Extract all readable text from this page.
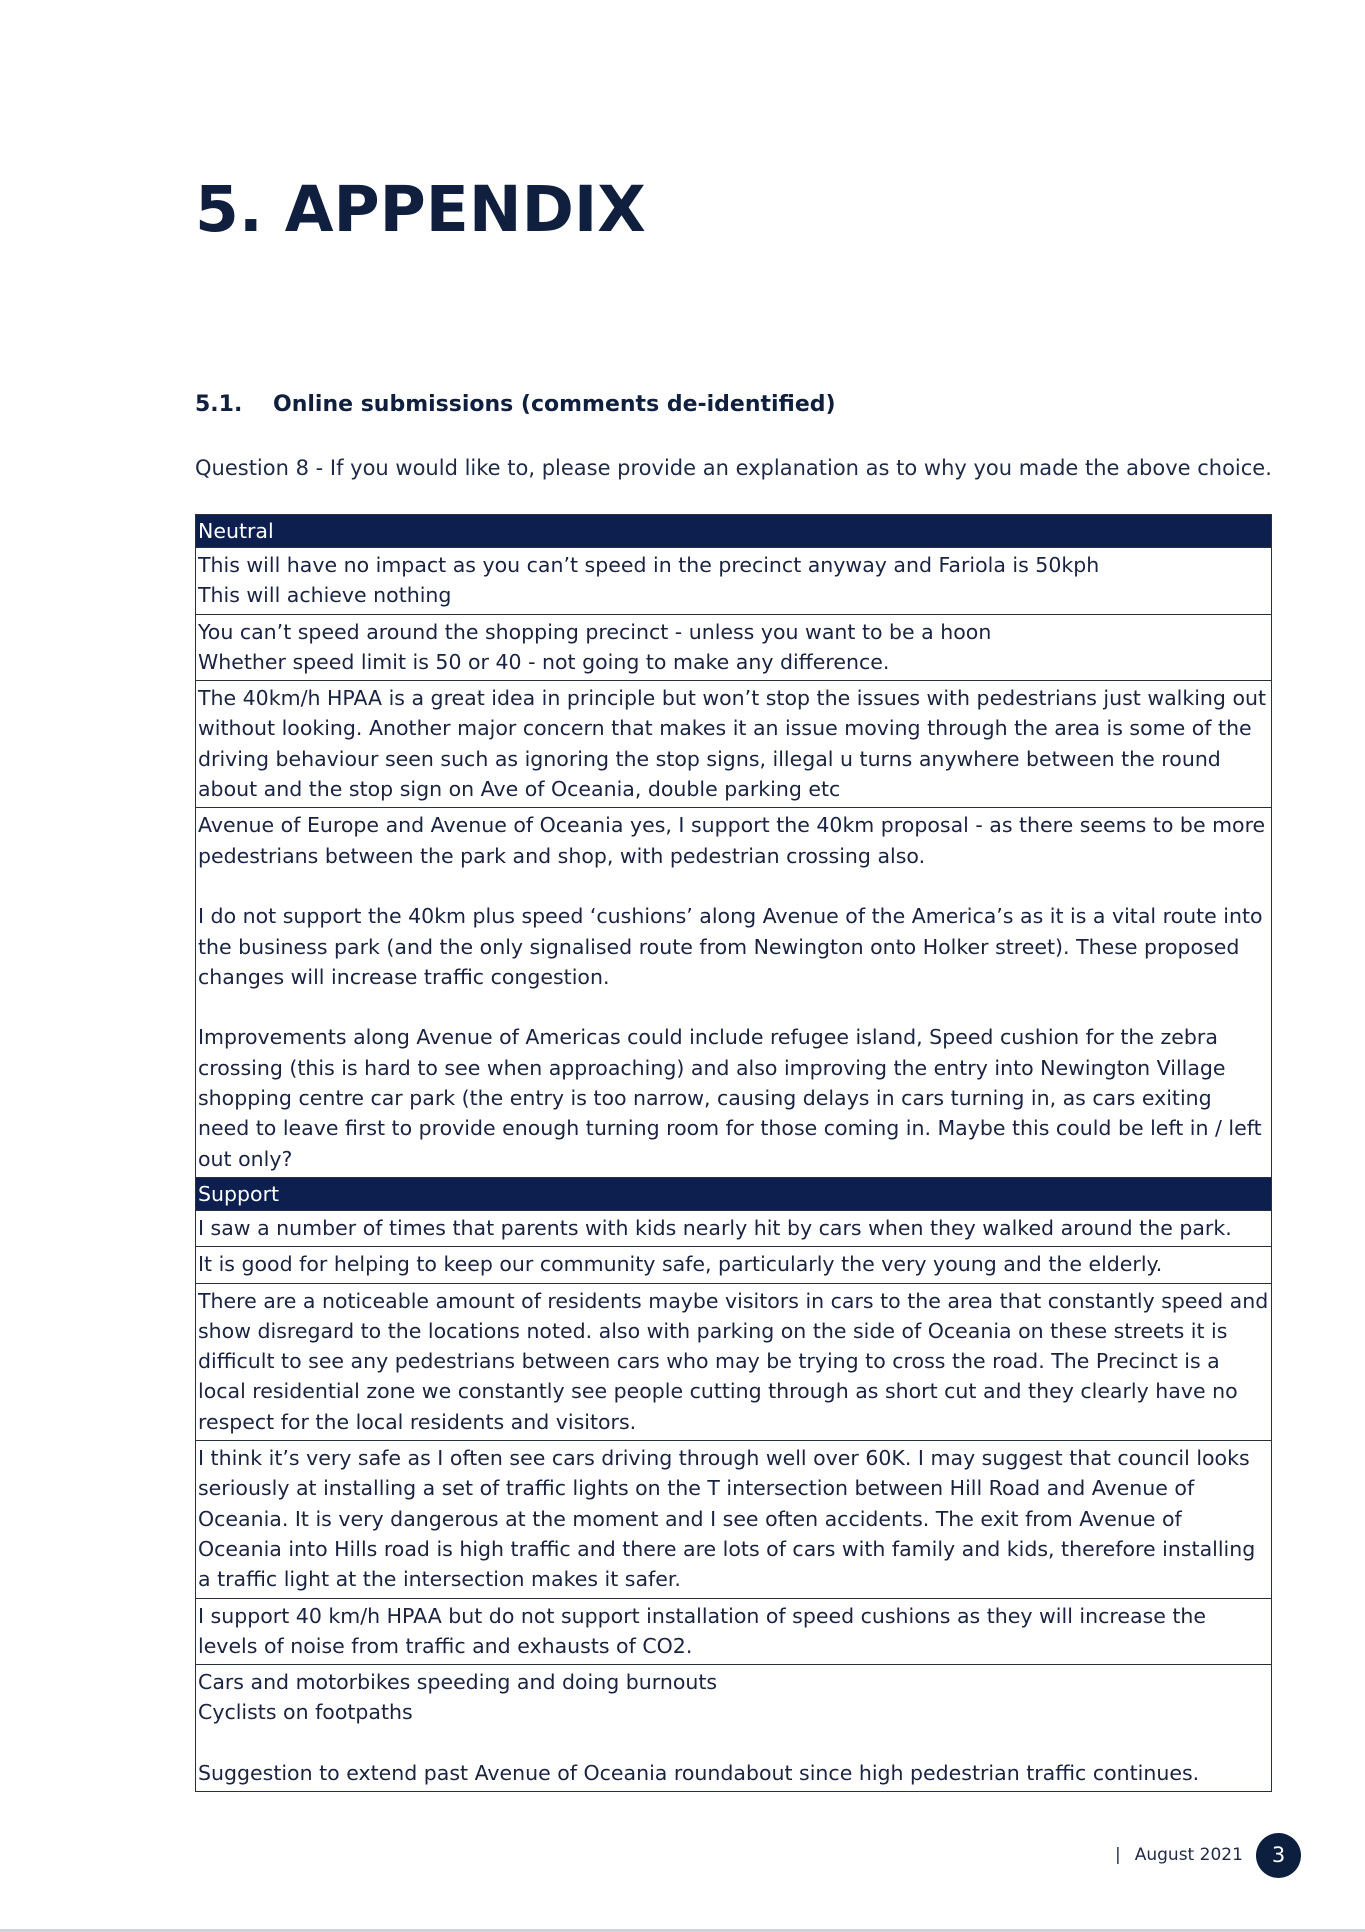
5. APPENDIX
5.1. Online submissions (comments de-identified)
Question 8 - If you would like to, please provide an explanation as to why you made the above choice.
Neutral

This will have no impact as you can’t speed in the precinct anyway and Fariola is 50kph
This will achieve nothing

You can’t speed around the shopping precinct - unless you want to be a hoon
Whether speed limit is 50 or 40 - not going to make any difference.

The 40km/h HPAA is a great idea in principle but won’t stop the issues with pedestrians just walking out without looking. Another major concern that makes it an issue moving through the area is some of the driving behaviour seen such as ignoring the stop signs, illegal u turns anywhere between the round about and the stop sign on Ave of Oceania, double parking etc

Avenue of Europe and Avenue of Oceania yes, I support the 40km proposal - as there seems to be more pedestrians between the park and shop, with pedestrian crossing also.

I do not support the 40km plus speed ‘cushions’ along Avenue of the America’s as it is a vital route into the business park (and the only signalised route from Newington onto Holker street). These proposed changes will increase traffic congestion.

Improvements along Avenue of Americas could include refugee island, Speed cushion for the zebra crossing (this is hard to see when approaching) and also improving the entry into Newington Village shopping centre car park (the entry is too narrow, causing delays in cars turning in, as cars exiting need to leave first to provide enough turning room for those coming in. Maybe this could be left in / left out only?

Support

I saw a number of times that parents with kids nearly hit by cars when they walked around the park.

It is good for helping to keep our community safe, particularly the very young and the elderly.

There are a noticeable amount of residents maybe visitors in cars to the area that constantly speed and show disregard to the locations noted. also with parking on the side of Oceania on these streets it is difficult to see any pedestrians between cars who may be trying to cross the road. The Precinct is a local residential zone we constantly see people cutting through as short cut and they clearly have no respect for the local residents and visitors.

I think it’s very safe as I often see cars driving through well over 60K. I may suggest that council looks seriously at installing a set of traffic lights on the T intersection between Hill Road and Avenue of Oceania. It is very dangerous at the moment and I see often accidents. The exit from Avenue of Oceania into Hills road is high traffic and there are lots of cars with family and kids, therefore installing a traffic light at the intersection makes it safer.

I support 40 km/h HPAA but do not support installation of speed cushions as they will increase the levels of noise from traffic and exhausts of CO2.

Cars and motorbikes speeding and doing burnouts
Cyclists on footpaths

Suggestion to extend past Avenue of Oceania roundabout since high pedestrian traffic continues.
| August 2021	3
